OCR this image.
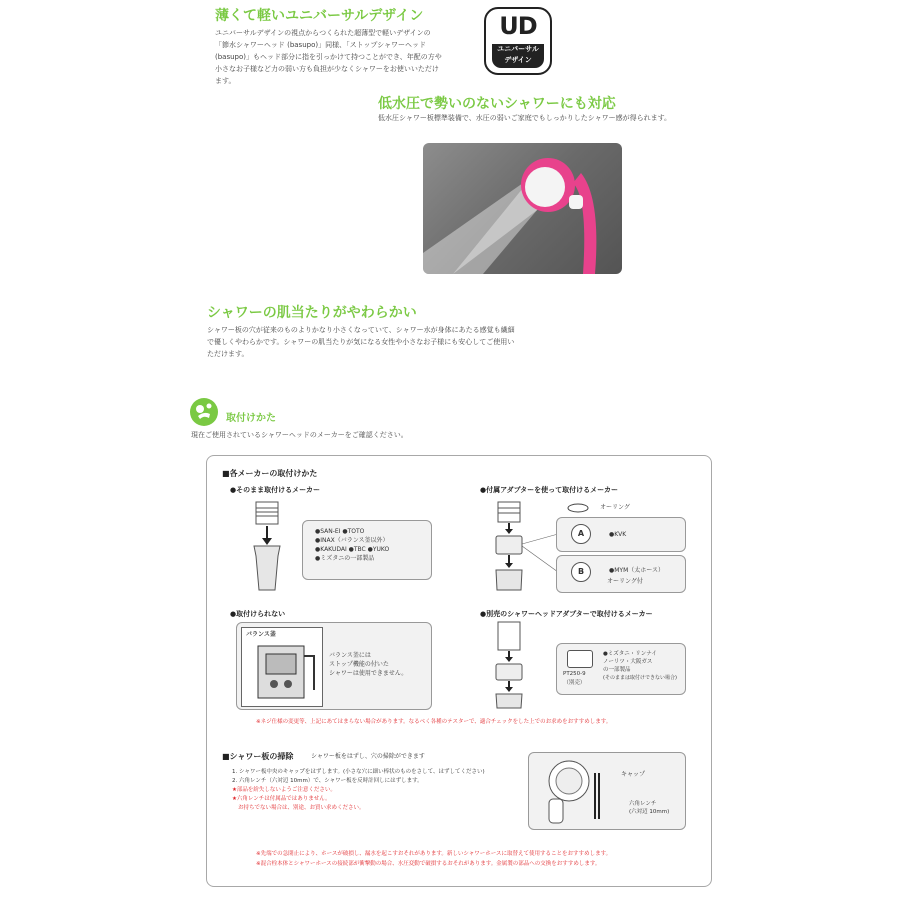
薄くて軽いユニバーサルデザイン
ユニバーサルデザインの視点からつくられた超薄型で軽いデザインの
「節水シャワーヘッド (basupo)」同様、「ストップシャワーヘッド
(basupo)」もヘッド部分に指を引っかけて持つことができ、年配の方や
小さなお子様など力の弱い方も負担が少なくシャワーをお使いいただけ
ます。
UD
ユニバーサル
デザイン
低水圧で勢いのないシャワーにも対応
低水圧シャワー板標準装備で、水圧の弱いご家庭でもしっかりしたシャワー感が得られます。
シャワーの肌当たりがやわらかい
シャワー板の穴が従来のものよりかなり小さくなっていて、シャワー水が身体にあたる感覚も繊細
で優しくやわらかです。シャワーの肌当たりが気になる女性や小さなお子様にも安心してご使用い
ただけます。
取付けかた
現在ご使用されているシャワーヘッドのメーカーをご確認ください。
■各メーカーの取付けかた
●そのまま取付けるメーカー
●SAN-EI ●TOTO
●INAX（バランス釜以外）
●KAKUDAI ●TBC ●YUKO
●ミズタニの一部製品
●付属アダプターを使って取付けるメーカー
オーリング
A	●KVK
B	●MYM（太ホース）
オーリング付
●取付けられない
バランス釜
バランス釜には
ストップ機能の付いた
シャワーは使用できません。
●別売のシャワーヘッドアダプターで取付けるメーカー
PT250-9
（別売）
●ミズタニ・リンナイ
ノーリツ・大阪ガス
の一部製品
(そのままは取付けできない場合)
※ネジ仕様の変更等、上記にあてはまらない場合があります。なるべく各種のテスターで、適合チェックをした上でのお求めをおすすめします。
■シャワー板の掃除	シャワー板をはずし、穴の掃除ができます
1. シャワー板中央のキャップをはずします。(小さな穴に細い棒状のものをさして、はずしてください)
2. 六角レンチ（六対辺 10mm）で、シャワー板を反時計回しにはずします。
★部品を紛失しないようご注意ください。
★六角レンチは付属品ではありません。
お持ちでない場合は、別途、お買い求めください。
キャップ
六角レンチ
(六対辺 10mm)
※先端での急閉止により、ホースが破損し、漏水を起こすおそれがあります。新しいシャワーホースに取替えて使用することをおすすめします。
※混合栓本体とシャワーホースの接続部が衝撃動の場合、水圧変動で破損するおそれがあります。金属製の部品への交換をおすすめします。
